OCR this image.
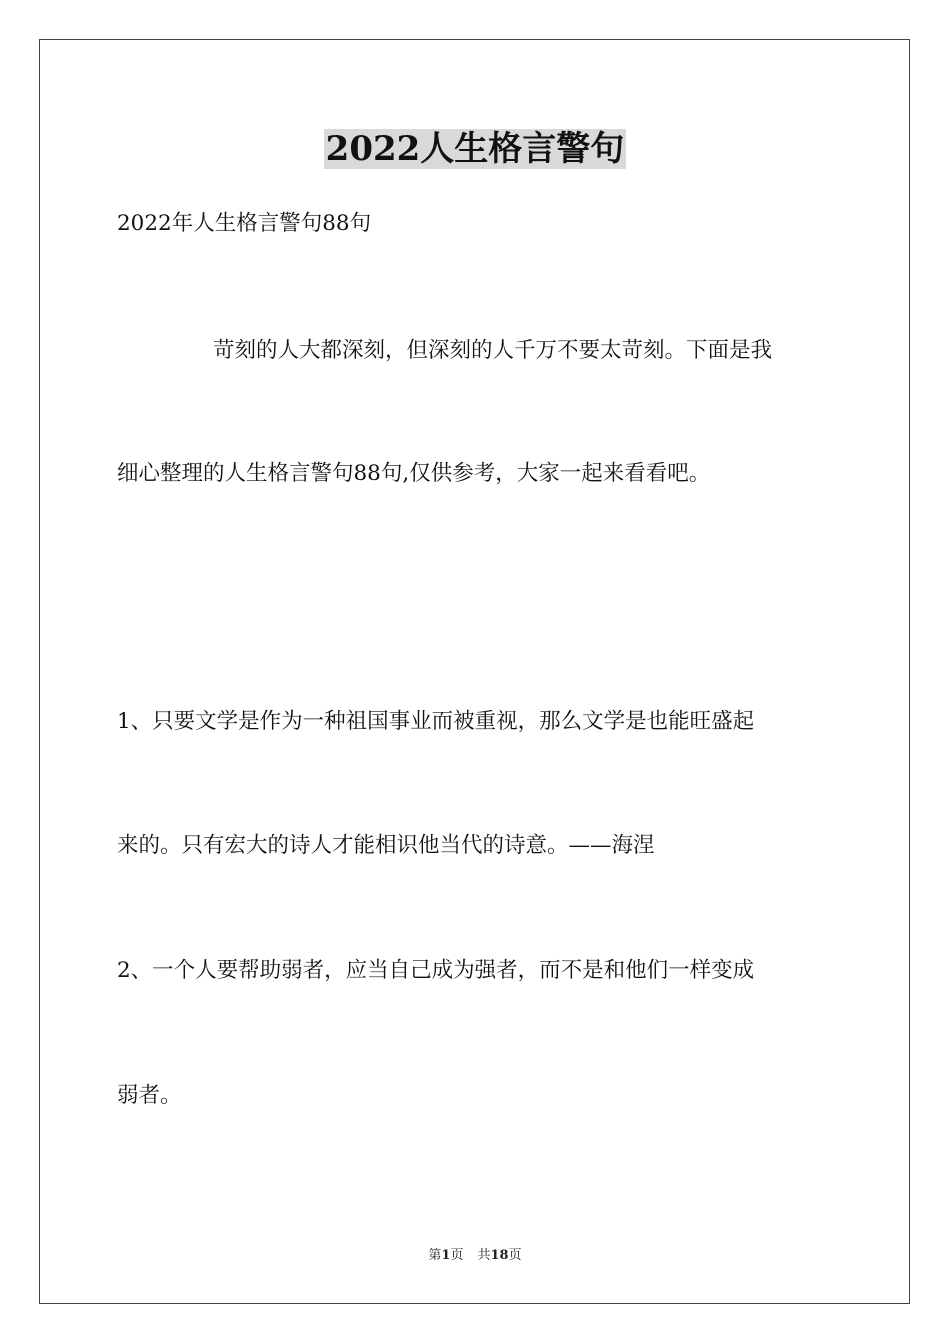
2022人生格言警句
2022年人生格言警句88句
苛刻的人大都深刻，但深刻的人千万不要太苛刻。下面是我
细心整理的人生格言警句88句,仅供参考，大家一起来看看吧。
1、只要文学是作为一种祖国事业而被重视，那么文学是也能旺盛起
来的。只有宏大的诗人才能相识他当代的诗意。——海涅
2、一个人要帮助弱者，应当自己成为强者，而不是和他们一样变成
弱者。
第1页 共18页
